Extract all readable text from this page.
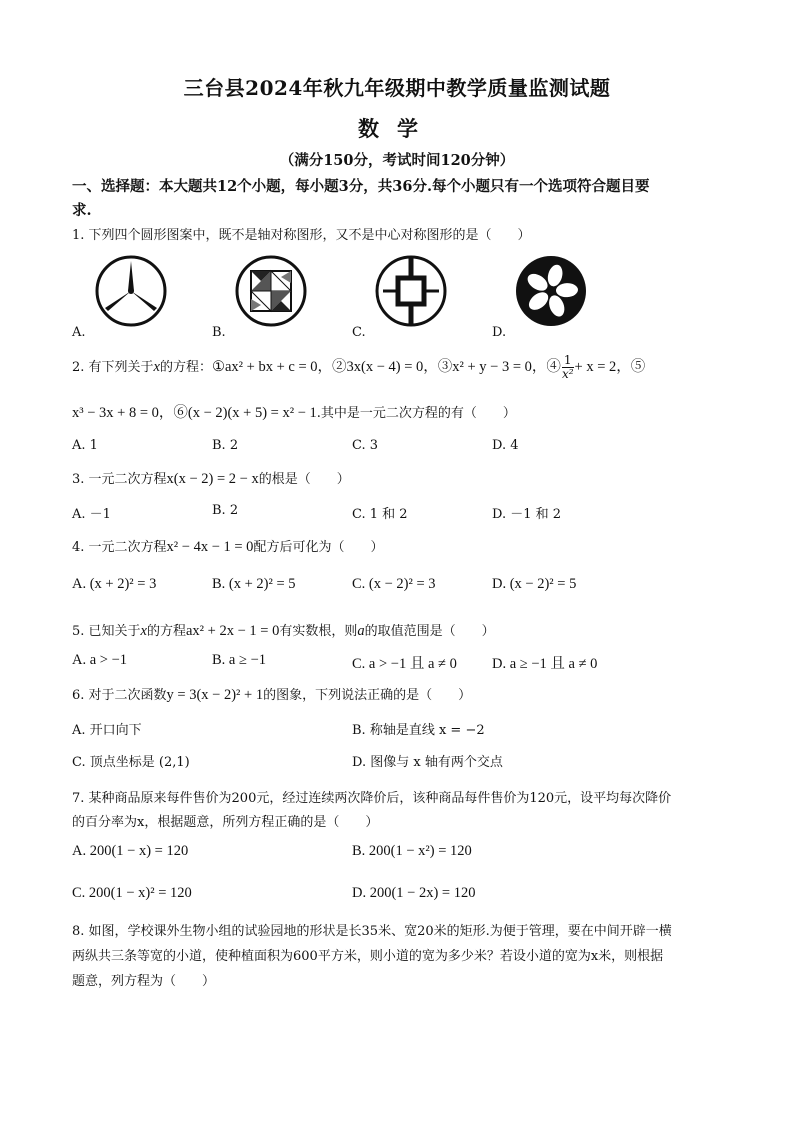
三台县2024年秋九年级期中教学质量监测试题
数学
（满分150分，考试时间120分钟）
一、选择题：本大题共12个小题，每小题3分，共36分.每个小题只有一个选项符合题目要
求.
1. 下列四个圆形图案中，既不是轴对称图形，又不是中心对称图形的是（　　）
A.	B.	C.	D.
2. 有下列关于x的方程：①ax² + bx + c = 0，②3x(x − 4) = 0，③x² + y − 3 = 0，④ $\frac{1}{\text{x²}} + x = 2$，⑤
x³ − 3x + 8 = 0，⑥(x − 2)(x + 5) = x² − 1.其中是一元二次方程的有（　　）
A. 1	B. 2	C. 3	D. 4
3. 一元二次方程x(x − 2) = 2 − x的根是（　　）
A. －1	B. 2	C. 1 和 2	D. －1 和 2
4. 一元二次方程x² − 4x − 1 = 0配方后可化为（　　）
A. (x + 2)² = 3	B. (x + 2)² = 5	C. (x − 2)² = 3	D. (x − 2)² = 5
5. 已知关于x的方程ax² + 2x − 1 = 0有实数根，则a的取值范围是（　　）
A. a > −1	B. a ≥ −1	C. a > −1 且 a ≠ 0 D. a ≥ −1 且 a ≠ 0
6. 对于二次函数y = 3(x − 2)² + 1的图象，下列说法正确的是（　　）
A. 开口向下	B. 称轴是直线 x = −2
C. 顶点坐标是 (2,1)	D. 图像与 x 轴有两个交点
7. 某种商品原来每件售价为200元，经过连续两次降价后，该种商品每件售价为120元，设平均每次降价
的百分率为x，根据题意，所列方程正确的是（　　）
A. 200(1 − x) = 120	B. 200(1 − x²) = 120
C. 200(1 − x)² = 120	D. 200(1 − 2x) = 120
8. 如图，学校课外生物小组的试验园地的形状是长35米、宽20米的矩形.为便于管理，要在中间开辟一横
两纵共三条等宽的小道，使种植面积为600平方米，则小道的宽为多少米？若设小道的宽为x米，则根据
题意，列方程为（　　）
